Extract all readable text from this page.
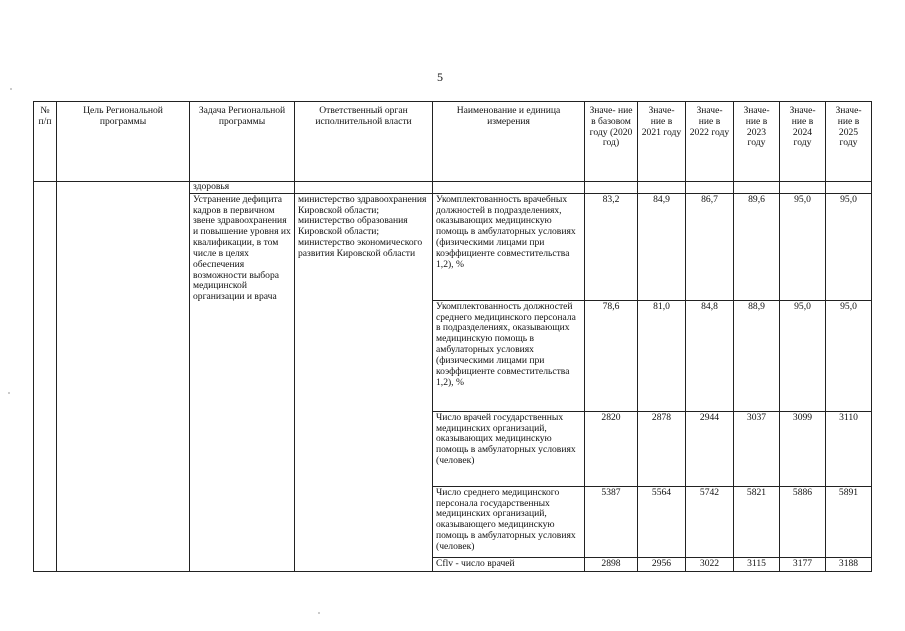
5
№ п/п	Цель Региональной программы	Задача Региональной программы	Ответственный орган исполнительной власти	Наименование и единица измерения	Значе- ние в базовом году (2020 год)	Значе- ние в 2021 году	Значе- ние в 2022 году	Значе- ние в 2023 году	Значе- ние в 2024 году	Значе- ние в 2025 году
		здоровья								
		Устранение дефицита кадров в первичном звене здравоохранения и повышение уровня их квалификации, в том числе в целях обеспечения возможности выбора медицинской организации и врача	министерство здравоохранения Кировской области; министерство образования Кировской области; министерство экономического развития Кировской области	Укомплектованность врачебных должностей в подразделениях, оказывающих медицинскую помощь в амбулаторных условиях (физическими лицами при коэффициенте совместительства 1,2), %	83,2	84,9	86,7	89,6	95,0	95,0
				Укомплектованность должностей среднего медицинского персонала в подразделениях, оказывающих медицинскую помощь в амбулаторных условиях (физическими лицами при коэффициенте совместительства 1,2), %	78,6	81,0	84,8	88,9	95,0	95,0
				Число врачей государственных медицинских организаций, оказывающих медицинскую помощь в амбулаторных условиях (человек)	2820	2878	2944	3037	3099	3110
				Число среднего медицинского персонала государственных медицинских организаций, оказывающего медицинскую помощь в амбулаторных условиях (человек)	5387	5564	5742	5821	5886	5891
				Cflv - число врачей	2898	2956	3022	3115	3177	3188
